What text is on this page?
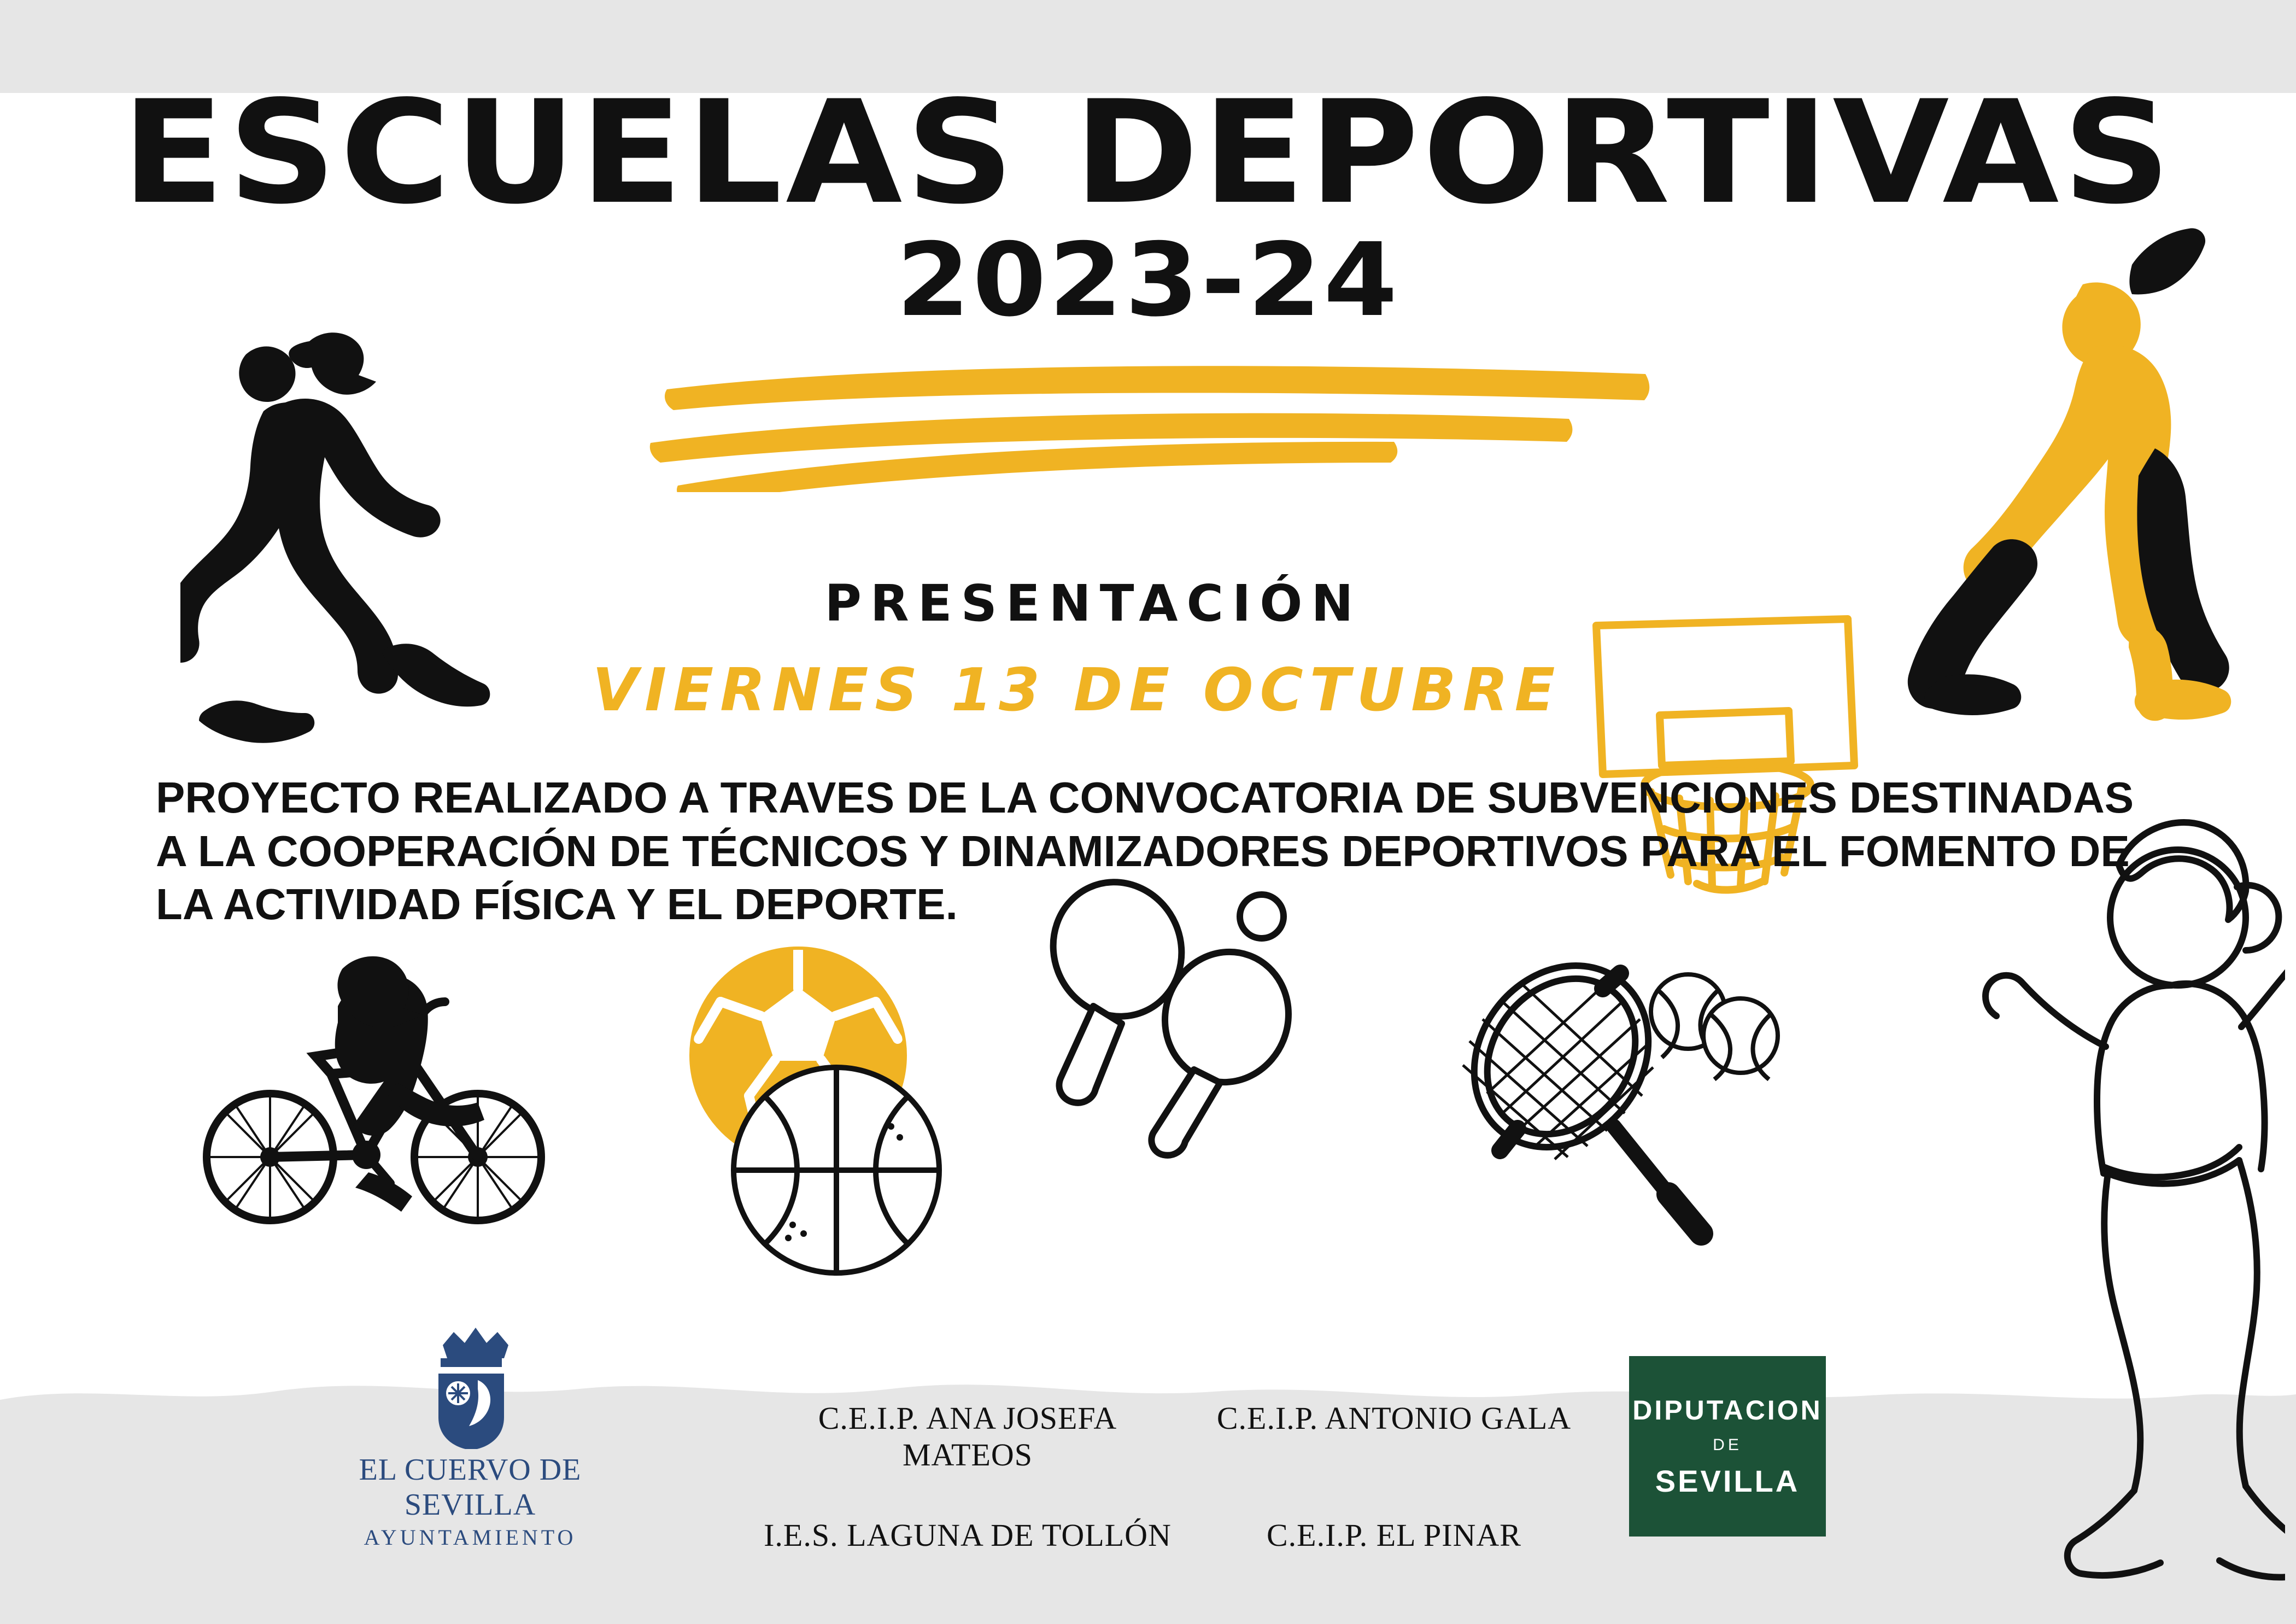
ESCUELAS DEPORTIVAS
2023-24
PRESENTACIÓN
VIERNES 13 DE OCTUBRE
PROYECTO REALIZADO A TRAVES DE LA CONVOCATORIA DE SUBVENCIONES DESTINADAS A LA COOPERACIÓN DE TÉCNICOS Y DINAMIZADORES DEPORTIVOS PARA EL FOMENTO DE LA ACTIVIDAD FÍSICA Y EL DEPORTE.
EL CUERVO DE SEVILLA
AYUNTAMIENTO
C.E.I.P. ANA JOSEFA MATEOS
C.E.I.P. ANTONIO GALA
I.E.S. LAGUNA DE TOLLÓN	C.E.I.P. EL PINAR
DIPUTACION
DE
SEVILLA
